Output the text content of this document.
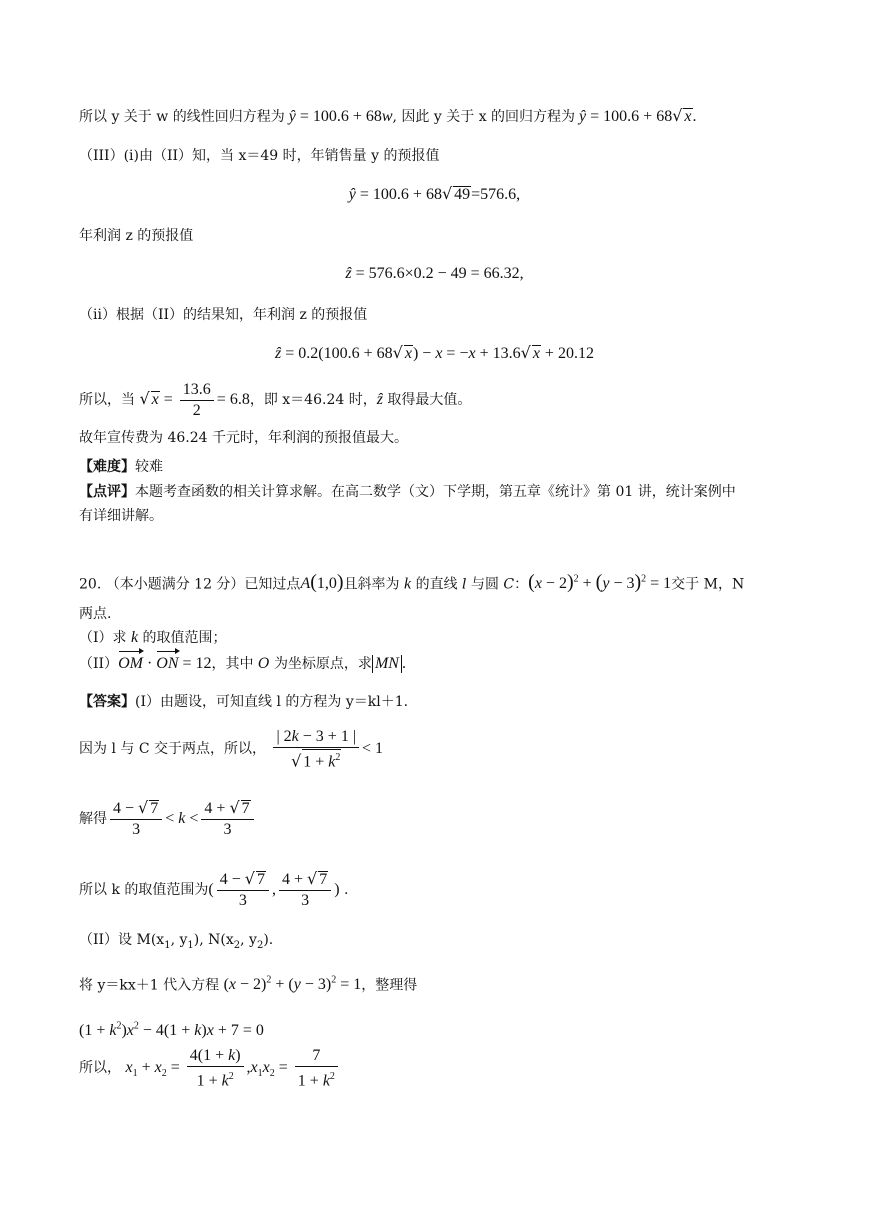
所以 y 关于 w 的线性回归方程为 ŷ = 100.6 + 68w, 因此 y 关于 x 的回归方程为 ŷ = 100.6 + 68√ x.
（III）(i)由（II）知，当 x＝49 时，年销售量 y 的预报值
ŷ = 100.6 + 68√ 49=576.6,
年利润 z 的预报值
ẑ = 576.6×0.2 − 49 = 66.32,
（ii）根据（II）的结果知，年利润 z 的预报值
ẑ = 0.2(100.6 + 68√ x) − x = −x + 13.6√ x + 20.12
所以，当 √ $x = \frac{13.6}{2} = 6.8$，即 x＝46.24 时，ẑ 取得最大值。
故年宣传费为 46.24 千元时，年利润的预报值最大。
【难度】较难
【点评】本题考查函数的相关计算求解。在高二数学（文）下学期，第五章《统计》第 01 讲，统计案例中
有详细讲解。
20. （本小题满分 12 分）已知过点A(1,0)且斜率为 k 的直线 l 与圆 C：$(x - 2)^2 + (y - 3)^2 = 1$交于 M，N
两点.
（I）求 k 的取值范围；
（II）OM · ON = 12，其中 O 为坐标原点，求 MN .
【答案】(I）由题设，可知直线 l 的方程为 y＝kl＋1.
因为 l 与 C 交于两点，所以， $\frac{| 2k - 3 + 1 |}{√ 1 + k^2} < 1$
解得 $\frac{4 - √ 7}{3} < k < \frac{4 + √ 7}{3}$
所以 k 的取值范围为( $\frac{4 - √ 7}{3}$ , $\frac{4 + √ 7}{3}$ ) .
（II）设 $M(x_1$, $y_1$), $N(x_2$, $y_2$).
将 y＝kx＋1 代入方程 $(x - 2)^2 + (y - 3)^2 = 1$，整理得
$(1 + k^2)x^2 - 4(1 + k)x + 7 = 0$
所以， $x_1 + x_2 = \frac{4(1 + k)}{1 + k^2} ,x_1x_2 = \frac{7}{1 + k^2}$
